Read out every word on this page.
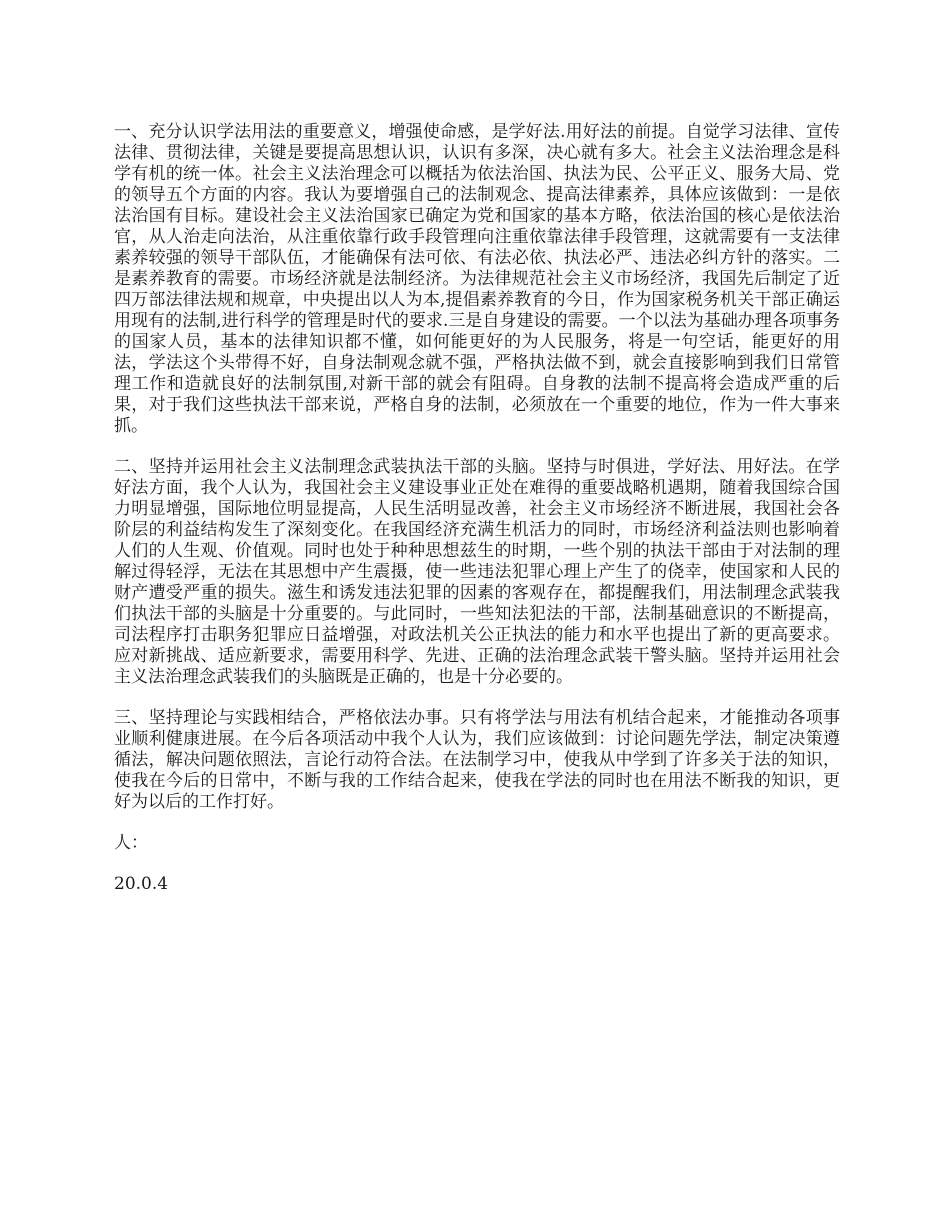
一、充分认识学法用法的重要意义，增强使命感，是学好法.用好法的前提。自觉学习法律、宣传法律、贯彻法律，关键是要提高思想认识，认识有多深，决心就有多大。社会主义法治理念是科学有机的统一体。社会主义法治理念可以概括为依法治国、执法为民、公平正义、服务大局、党的领导五个方面的内容。我认为要增强自己的法制观念、提高法律素养，具体应该做到：一是依法治国有目标。建设社会主义法治国家已确定为党和国家的基本方略，依法治国的核心是依法治 官，从人治走向法治，从注重依靠行政手段管理向注重依靠法律手段管理，这就需要有一支法律素养较强的领导干部队伍，才能确保有法可依、有法必依、执法必严、违法必纠方针的落实。二是素养教育的需要。市场经济就是法制经济。为法律规范社会主义市场经济，我国先后制定了近四万部法律法规和规章，中央提出以人为本,提倡素养教育的今日，作为国家税务机关干部正确运用现有的法制,进行科学的管理是时代的要求.三是自身建设的需要。一个以法为基础办理各项事务的国家人员，基本的法律知识都不懂，如何能更好的为人民服务，将是一句空话，能更好的用法，学法这个头带得不好，自身法制观念就不强，严格执法做不到，就会直接影响到我们日常管理工作和造就良好的法制氛围,对新干部的就会有阻碍。自身教的法制不提高将会造成严重的后果，对于我们这些执法干部来说，严格自身的法制，必须放在一个重要的地位，作为一件大事来抓。

二、坚持并运用社会主义法制理念武装执法干部的头脑。坚持与时俱进，学好法、用好法。在学好法方面，我个人认为，我国社会主义建设事业正处在难得的重要战略机遇期，随着我国综合国力明显增强，国际地位明显提高，人民生活明显改善，社会主义市场经济不断进展，我国社会各阶层的利益结构发生了深刻变化。在我国经济充满生机活力的同时，市场经济利益法则也影响着人们的人生观、价值观。同时也处于种种思想兹生的时期，一些个别的执法干部由于对法制的理解过得轻浮，无法在其思想中产生震摄，使一些违法犯罪心理上产生了的侥幸，使国家和人民的财产遭受严重的损失。滋生和诱发违法犯罪的因素的客观存在，都提醒我们，用法制理念武装我们执法干部的头脑是十分重要的。与此同时，一些知法犯法的干部，法制基础意识的不断提高，司法程序打击职务犯罪应日益增强，对政法机关公正执法的能力和水平也提出了新的更高要求。应对新挑战、适应新要求，需要用科学、先进、正确的法治理念武装干警头脑。坚持并运用社会主义法治理念武装我们的头脑既是正确的，也是十分必要的。

三、坚持理论与实践相结合，严格依法办事。只有将学法与用法有机结合起来，才能推动各项事业顺利健康进展。在今后各项活动中我个人认为，我们应该做到：讨论问题先学法，制定决策遵循法，解决问题依照法，言论行动符合法。在法制学习中，使我从中学到了许多关于法的知识，使我在今后的日常中，不断与我的工作结合起来，使我在学法的同时也在用法不断我的知识，更好为以后的工作打好。

人：

20.0.4
